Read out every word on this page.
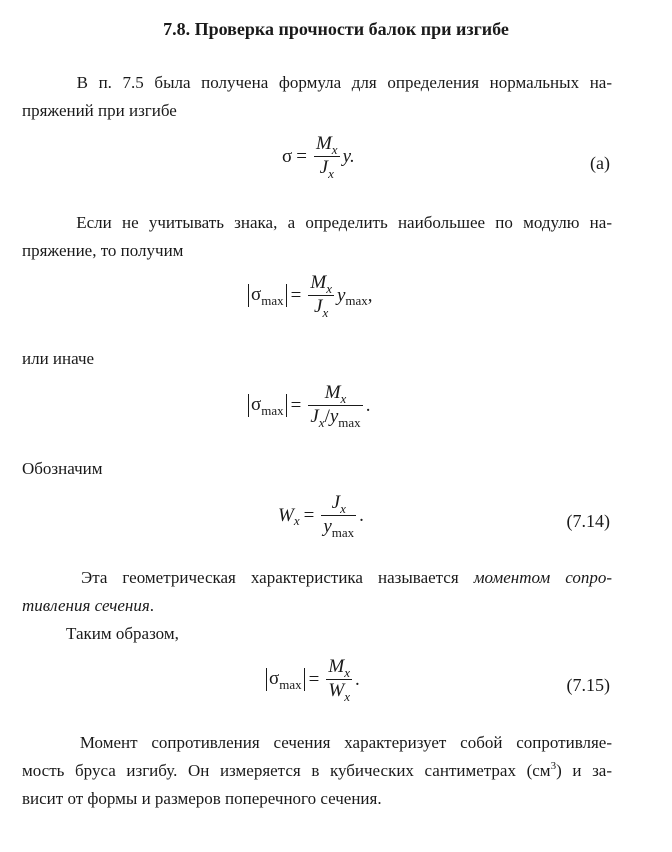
7.8. Проверка прочности балок при изгибе
В п. 7.5 была получена формула для определения нормальных на-
пряжений при изгибе
$\sigma = \frac{M_x}{J_x} y$.	(a)
Если не учитывать знака, а определить наибольшее по модулю на-
пряжение, то получим
$\sigma_{max} = \frac{M_x}{J_x}$ y max ,
или иначе
$\sigma_{max} = \frac{M_x}{J_x/y_{max}}$ .
Обозначим
W $x = \frac{J_x}{y_{max}}$ .	(7.14)
Эта геометрическая характеристика называется моментом сопро-
тивления сечения.
Таким образом,
$\sigma_{max} = \frac{M_x}{W_x}$ .	(7.15)
Момент сопротивления сечения характеризует собой сопротивляе-
мость бруса изгибу. Он измеряется в кубических сантиметрах $(см^3)$ и за-
висит от формы и размеров поперечного сечения.
